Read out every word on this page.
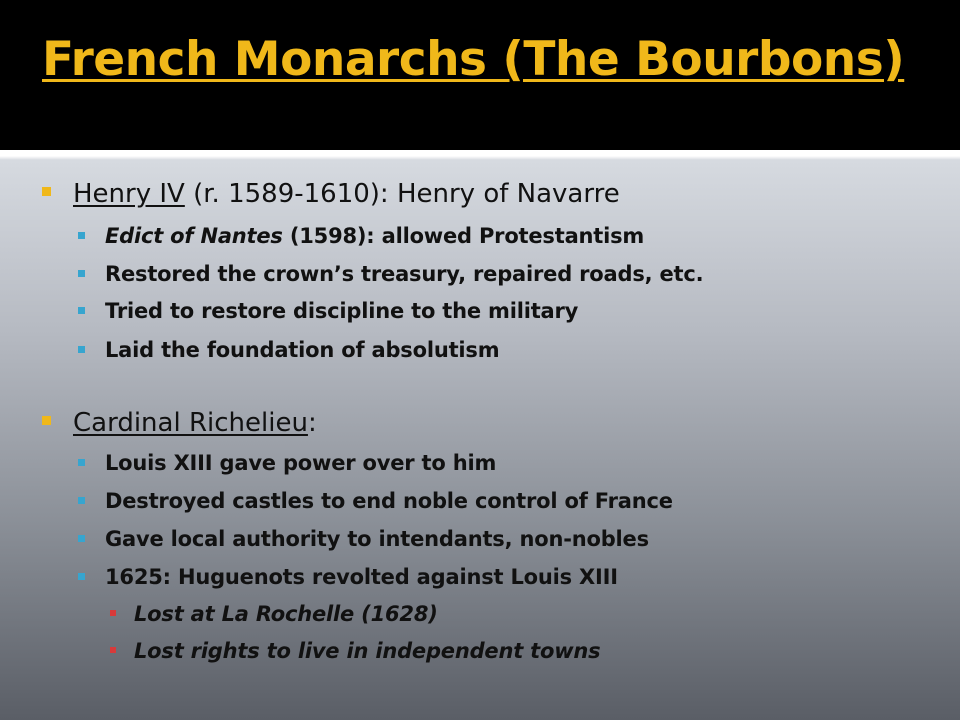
French Monarchs (The Bourbons)
Henry IV (r. 1589-1610): Henry of Navarre
Edict of Nantes (1598): allowed Protestantism
Restored the crown’s treasury, repaired roads, etc.
Tried to restore discipline to the military
Laid the foundation of absolutism
Cardinal Richelieu:
Louis XIII gave power over to him
Destroyed castles to end noble control of France
Gave local authority to intendants, non-nobles
1625: Huguenots revolted against Louis XIII
Lost at La Rochelle (1628)
Lost rights to live in independent towns
